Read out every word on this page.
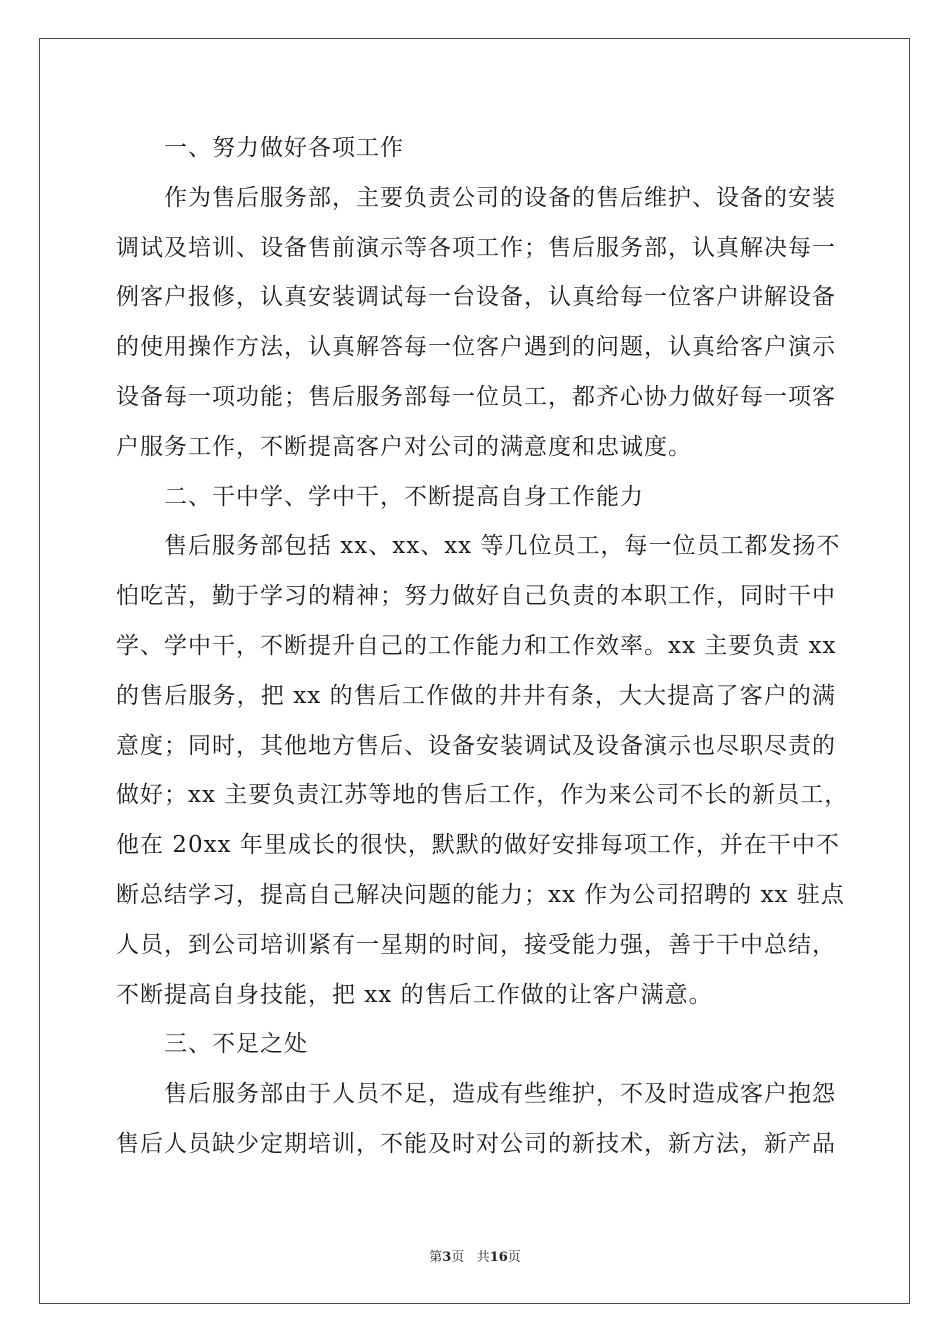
一、努力做好各项工作
作为售后服务部，主要负责公司的设备的售后维护、设备的安装
调试及培训、设备售前演示等各项工作；售后服务部，认真解决每一
例客户报修，认真安装调试每一台设备，认真给每一位客户讲解设备
的使用操作方法，认真解答每一位客户遇到的问题，认真给客户演示
设备每一项功能；售后服务部每一位员工，都齐心协力做好每一项客
户服务工作，不断提高客户对公司的满意度和忠诚度。
二、干中学、学中干，不断提高自身工作能力
售后服务部包括 xx、xx、xx 等几位员工，每一位员工都发扬不
怕吃苦，勤于学习的精神；努力做好自己负责的本职工作，同时干中
学、学中干，不断提升自己的工作能力和工作效率。xx 主要负责 xx
的售后服务，把 xx 的售后工作做的井井有条，大大提高了客户的满
意度；同时，其他地方售后、设备安装调试及设备演示也尽职尽责的
做好；xx 主要负责江苏等地的售后工作，作为来公司不长的新员工，
他在 20xx 年里成长的很快，默默的做好安排每项工作，并在干中不
断总结学习，提高自己解决问题的能力；xx 作为公司招聘的 xx 驻点
人员，到公司培训紧有一星期的时间，接受能力强，善于干中总结，
不断提高自身技能，把 xx 的售后工作做的让客户满意。
三、不足之处
售后服务部由于人员不足，造成有些维护，不及时造成客户抱怨
售后人员缺少定期培训，不能及时对公司的新技术，新方法，新产品
第3页 共16页
